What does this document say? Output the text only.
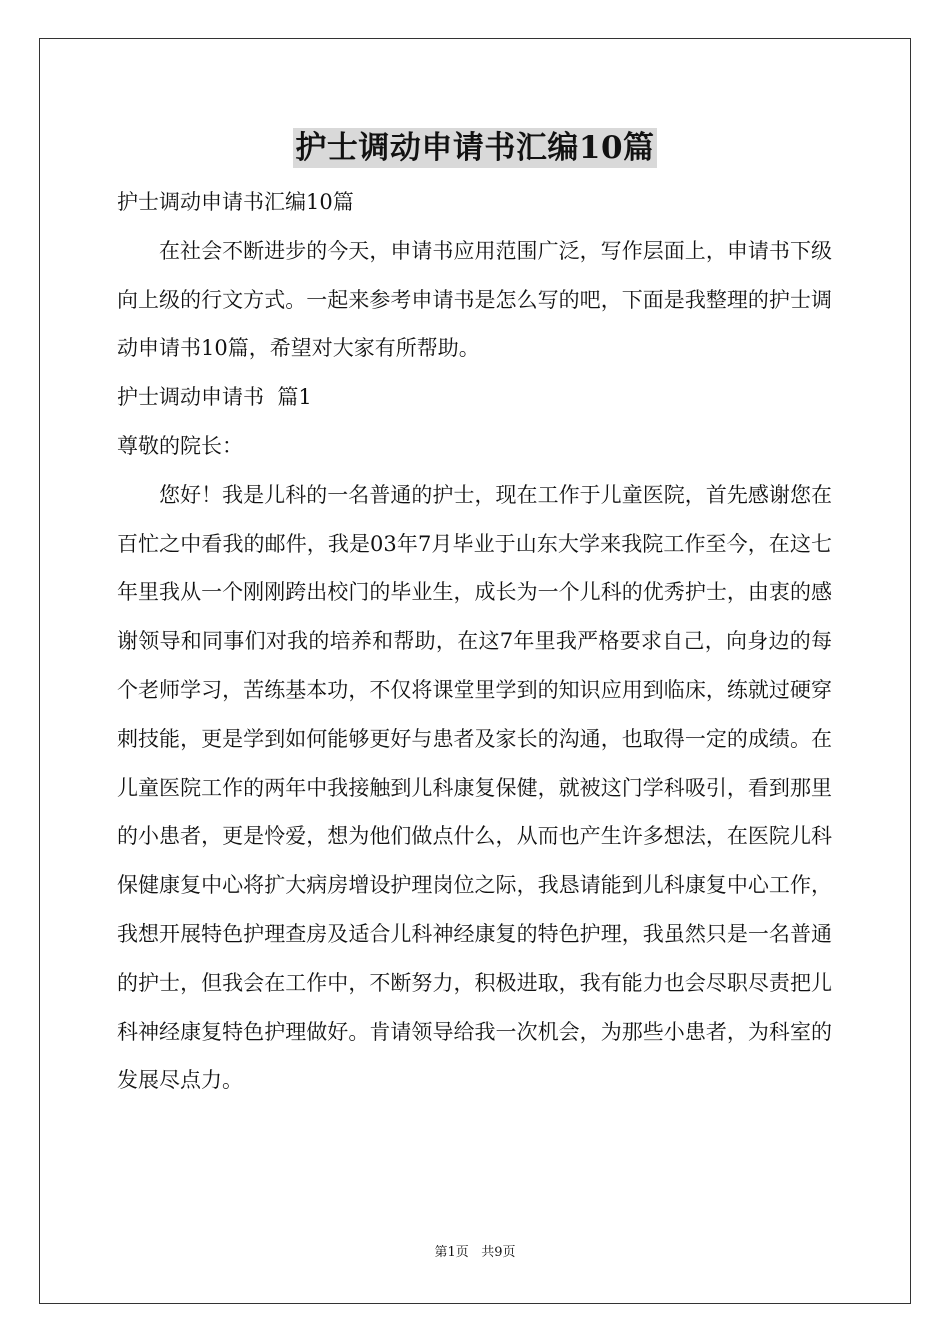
护士调动申请书汇编10篇

护士调动申请书汇编10篇

在社会不断进步的今天，申请书应用范围广泛，写作层面上，申请书下级向上级的行文方式。一起来参考申请书是怎么写的吧，下面是我整理的护士调动申请书10篇，希望对大家有所帮助。

护士调动申请书  篇1

尊敬的院长：

您好！我是儿科的一名普通的护士，现在工作于儿童医院，首先感谢您在百忙之中看我的邮件，我是03年7月毕业于山东大学来我院工作至今，在这七年里我从一个刚刚跨出校门的毕业生，成长为一个儿科的优秀护士，由衷的感谢领导和同事们对我的培养和帮助，在这7年里我严格要求自己，向身边的每个老师学习，苦练基本功，不仅将课堂里学到的知识应用到临床，练就过硬穿刺技能，更是学到如何能够更好与患者及家长的沟通，也取得一定的成绩。在儿童医院工作的两年中我接触到儿科康复保健，就被这门学科吸引，看到那里的小患者，更是怜爱，想为他们做点什么，从而也产生许多想法，在医院儿科保健康复中心将扩大病房增设护理岗位之际，我恳请能到儿科康复中心工作，我想开展特色护理查房及适合儿科神经康复的特色护理，我虽然只是一名普通的护士，但我会在工作中，不断努力，积极进取，我有能力也会尽职尽责把儿科神经康复特色护理做好。肯请领导给我一次机会，为那些小患者，为科室的发展尽点力。

第1页 共9页
